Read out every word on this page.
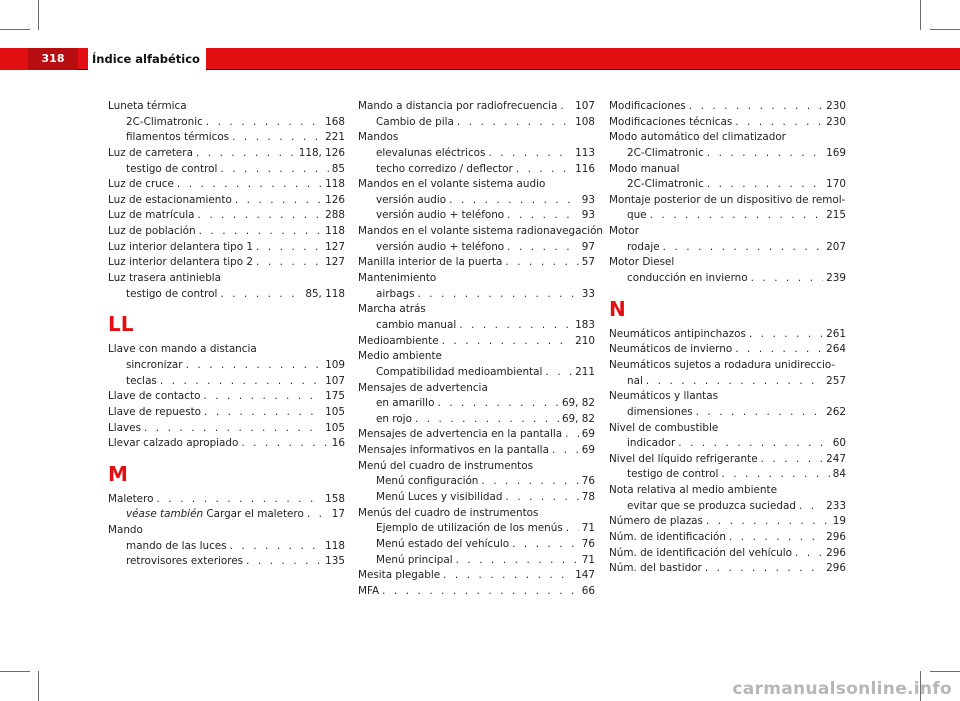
318	Índice alfabético
Luneta térmica
2C-Climatronic . . .	168
filamentos térmicos . . .	221
Luz de carretera . . .	118, 126
testigo de control . . .	85
Luz de cruce . . .	118
Luz de estacionamiento . . .	126
Luz de matrícula . . .	288
Luz de población . . .	118
Luz interior delantera tipo 1 . . .	127
Luz interior delantera tipo 2 . . .	127
Luz trasera antiniebla
testigo de control . . .	85, 118
LL
Llave con mando a distancia
sincronizar . . .	109
teclas . . .	107
Llave de contacto . . .	175
Llave de repuesto . . .	105
Llaves . . .	105
Llevar calzado apropiado . . .	16
M
Maletero . . .	158
véase también Cargar el maletero . . .	17
Mando
mando de las luces . . .	118
retrovisores exteriores . . .	135
Mando a distancia por radiofrecuencia . . . 107
Cambio de pila . . .	108
Mandos
elevalunas eléctricos . . .	113
techo corredizo / deflector . . .	116
Mandos en el volante sistema audio
versión audio . . .	93
versión audio + teléfono . . .	93
Mandos en el volante sistema radionavegación
versión audio + teléfono . . .	97
Manilla interior de la puerta . . .	57
Mantenimiento
airbags . . .	33
Marcha atrás
cambio manual . . .	183
Medioambiente . . .	210
Medio ambiente
Compatibilidad medioambiental . . .	211
Mensajes de advertencia
en amarillo . . .	69, 82
en rojo . . .	69, 82
Mensajes de advertencia en la pantalla . . . 69
Mensajes informativos en la pantalla . . .	69
Menú del cuadro de instrumentos
Menú configuración . . .	76
Menú Luces y visibilidad . . .	78
Menús del cuadro de instrumentos
Ejemplo de utilización de los menús . . . 71
Menú estado del vehículo . . .	76
Menú principal . . .	71
Mesita plegable . . .	147
MFA . . .	66
Modificaciones . . .	230
Modificaciones técnicas . . .	230
Modo automático del climatizador
2C-Climatronic . . .	169
Modo manual
2C-Climatronic . . .	170
Montaje posterior de un dispositivo de remol-
que . . .	215
Motor
rodaje . . .	207
Motor Diesel
conducción en invierno . . .	239
N
Neumáticos antipinchazos . . .	261
Neumáticos de invierno . . .	264
Neumáticos sujetos a rodadura unidireccio-
nal . . .	257
Neumáticos y llantas
dimensiones . . .	262
Nivel de combustible
indicador . . .	60
Nivel del líquido refrigerante . . .	247
testigo de control . . .	84
Nota relativa al medio ambiente
evitar que se produzca suciedad . . .	233
Número de plazas . . .	19
Núm. de identificación . . .	296
Núm. de identificación del vehículo . . .	296
Núm. del bastidor . . .	296
carmanualsonline.info
